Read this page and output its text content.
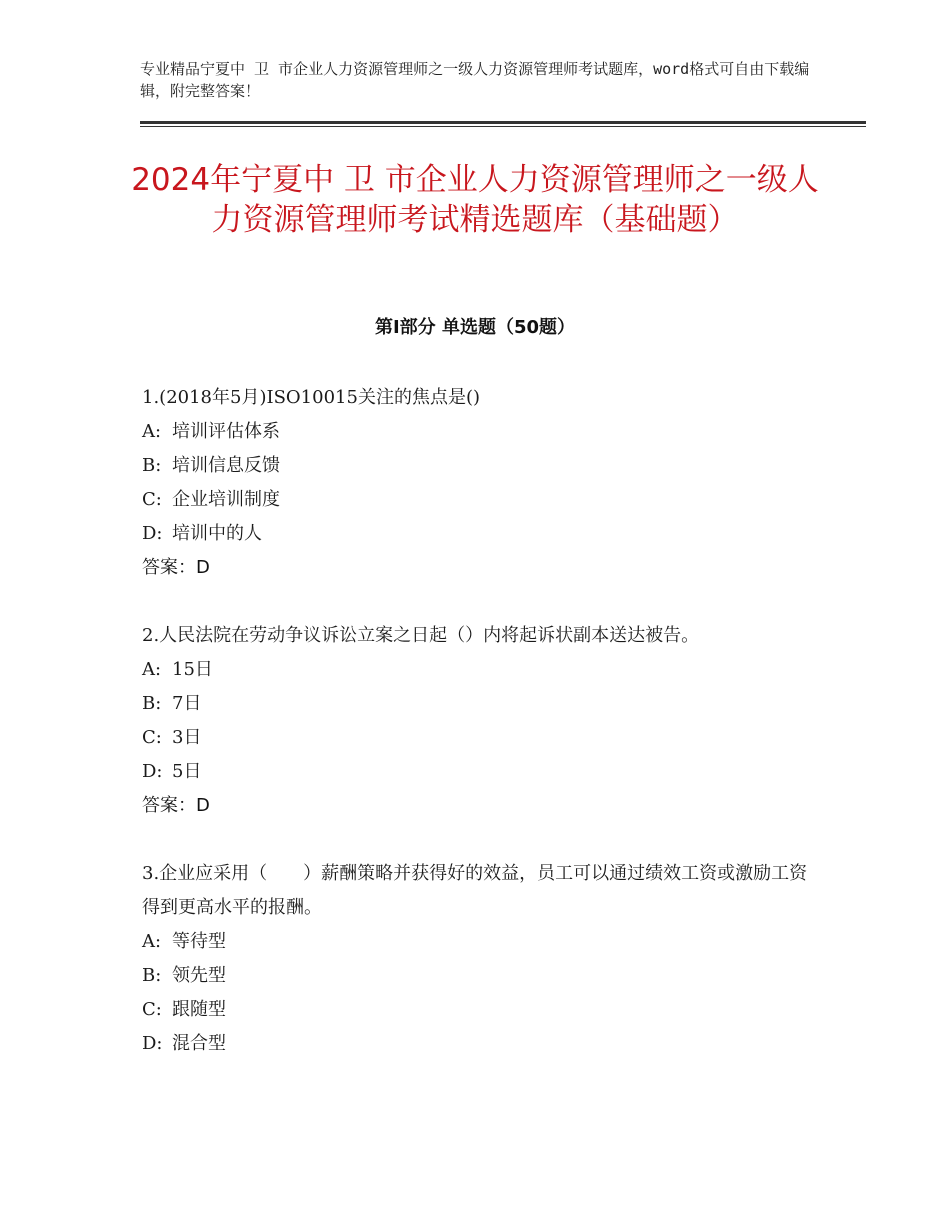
专业精品宁夏中 卫 市企业人力资源管理师之一级人力资源管理师考试题库，word格式可自由下载编辑，附完整答案！
2024年宁夏中 卫 市企业人力资源管理师之一级人力资源管理师考试精选题库（基础题）
第Ⅰ部分 单选题（50题）
1.(2018年5月)ISO10015关注的焦点是()
A: 培训评估体系
B: 培训信息反馈
C: 企业培训制度
D: 培训中的人
答案：D
2.人民法院在劳动争议诉讼立案之日起（）内将起诉状副本送达被告。
A: 15日
B: 7日
C: 3日
D: 5日
答案：D
3.企业应采用（　　）薪酬策略并获得好的效益，员工可以通过绩效工资或激励工资得到更高水平的报酬。
A: 等待型
B: 领先型
C: 跟随型
D: 混合型
